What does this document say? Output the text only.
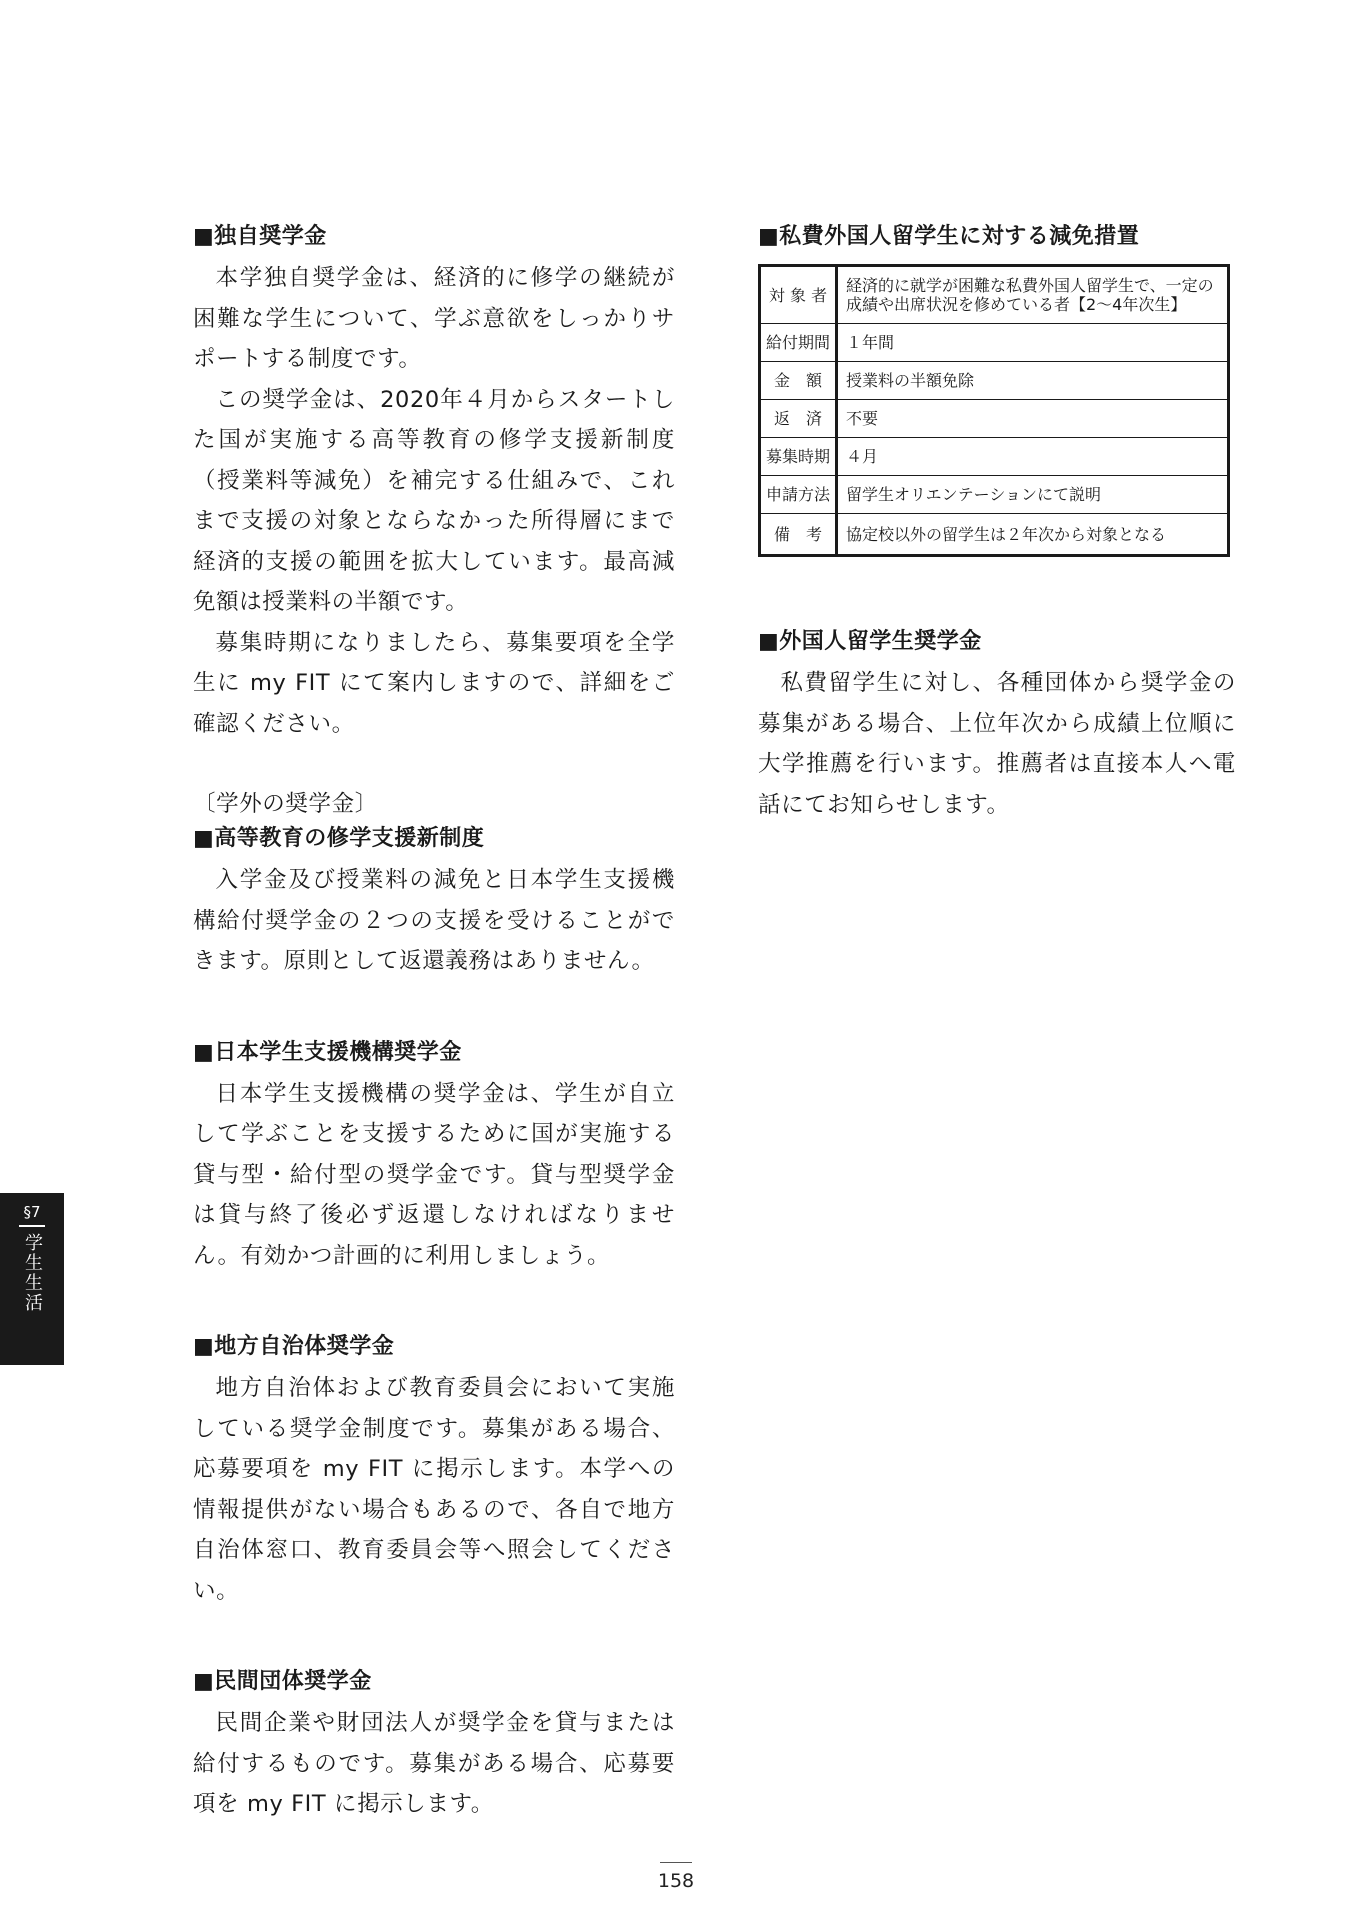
■独自奨学金

本学独自奨学金は、経済的に修学の継続が困難な学生について、学ぶ意欲をしっかりサポートする制度です。

この奨学金は、2020年４月からスタートした国が実施する高等教育の修学支援新制度（授業料等減免）を補完する仕組みで、これまで支援の対象とならなかった所得層にまで経済的支援の範囲を拡大しています。最高減免額は授業料の半額です。

募集時期になりましたら、募集要項を全学生に my FIT にて案内しますので、詳細をご確認ください。

〔学外の奨学金〕

■高等教育の修学支援新制度

入学金及び授業料の減免と日本学生支援機構給付奨学金の２つの支援を受けることができます。原則として返還義務はありません。

■日本学生支援機構奨学金

日本学生支援機構の奨学金は、学生が自立して学ぶことを支援するために国が実施する貸与型・給付型の奨学金です。貸与型奨学金は貸与終了後必ず返還しなければなりません。有効かつ計画的に利用しましょう。

■地方自治体奨学金

地方自治体および教育委員会において実施している奨学金制度です。募集がある場合、応募要項を my FIT に掲示します。本学への情報提供がない場合もあるので、各自で地方自治体窓口、教育委員会等へ照会してください。

■民間団体奨学金

民間企業や財団法人が奨学金を貸与または給付するものです。募集がある場合、応募要項を my FIT に掲示します。

■私費外国人留学生に対する減免措置
対 象 者	経済的に就学が困難な私費外国人留学生で、一定の成績や出席状況を修めている者【2～4年次生】
給付期間	１年間
金　額	授業料の半額免除
返　済	不要
募集時期	４月
申請方法	留学生オリエンテーションにて説明
備　考	協定校以外の留学生は２年次から対象となる
■外国人留学生奨学金

私費留学生に対し、各種団体から奨学金の募集がある場合、上位年次から成績上位順に大学推薦を行います。推薦者は直接本人へ電話にてお知らせします。

§7
学生生活
158
